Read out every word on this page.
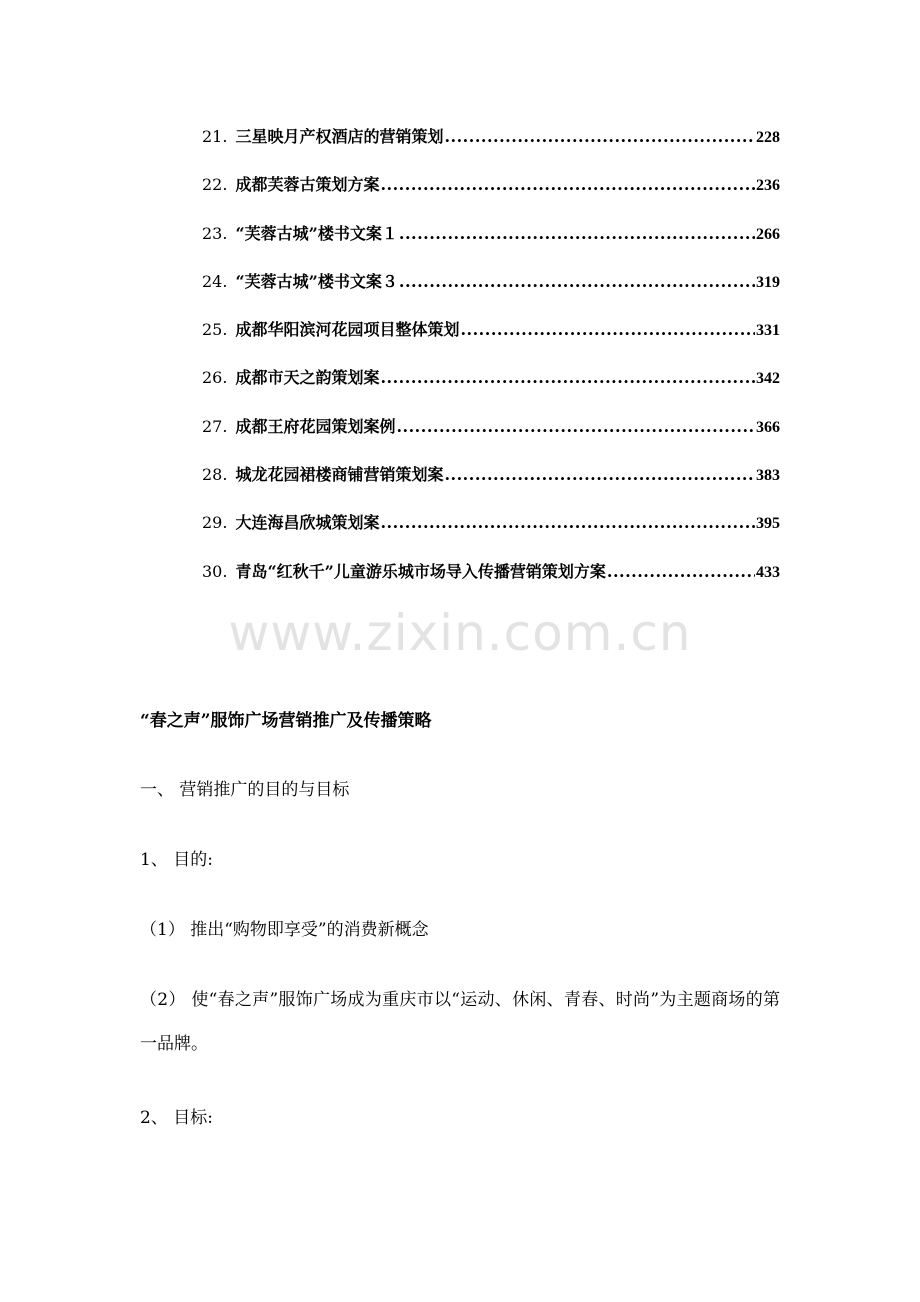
21. 三星映月产权酒店的营销策划 .....	228
22. 成都芙蓉古策划方案 .....	236
23. “芙蓉古城”楼书文案１ .....	266
24. “芙蓉古城”楼书文案３ .....	319
25. 成都华阳滨河花园项目整体策划 .....	331
26. 成都市天之韵策划案 .....	342
27. 成都王府花园策划案例 .....	366
28. 城龙花园裙楼商铺营销策划案 .....	383
29. 大连海昌欣城策划案 .....	395
30. 青岛“红秋千”儿童游乐城市场导入传播营销策划方案 .....	433
www.zixin.com.cn
“春之声”服饰广场营销推广及传播策略
一、 营销推广的目的与目标
1、 目的:
（1） 推出“购物即享受”的消费新概念
（2） 使“春之声”服饰广场成为重庆市以“运动、休闲、青春、时尚”为主题商场的第一品牌。
2、 目标:
